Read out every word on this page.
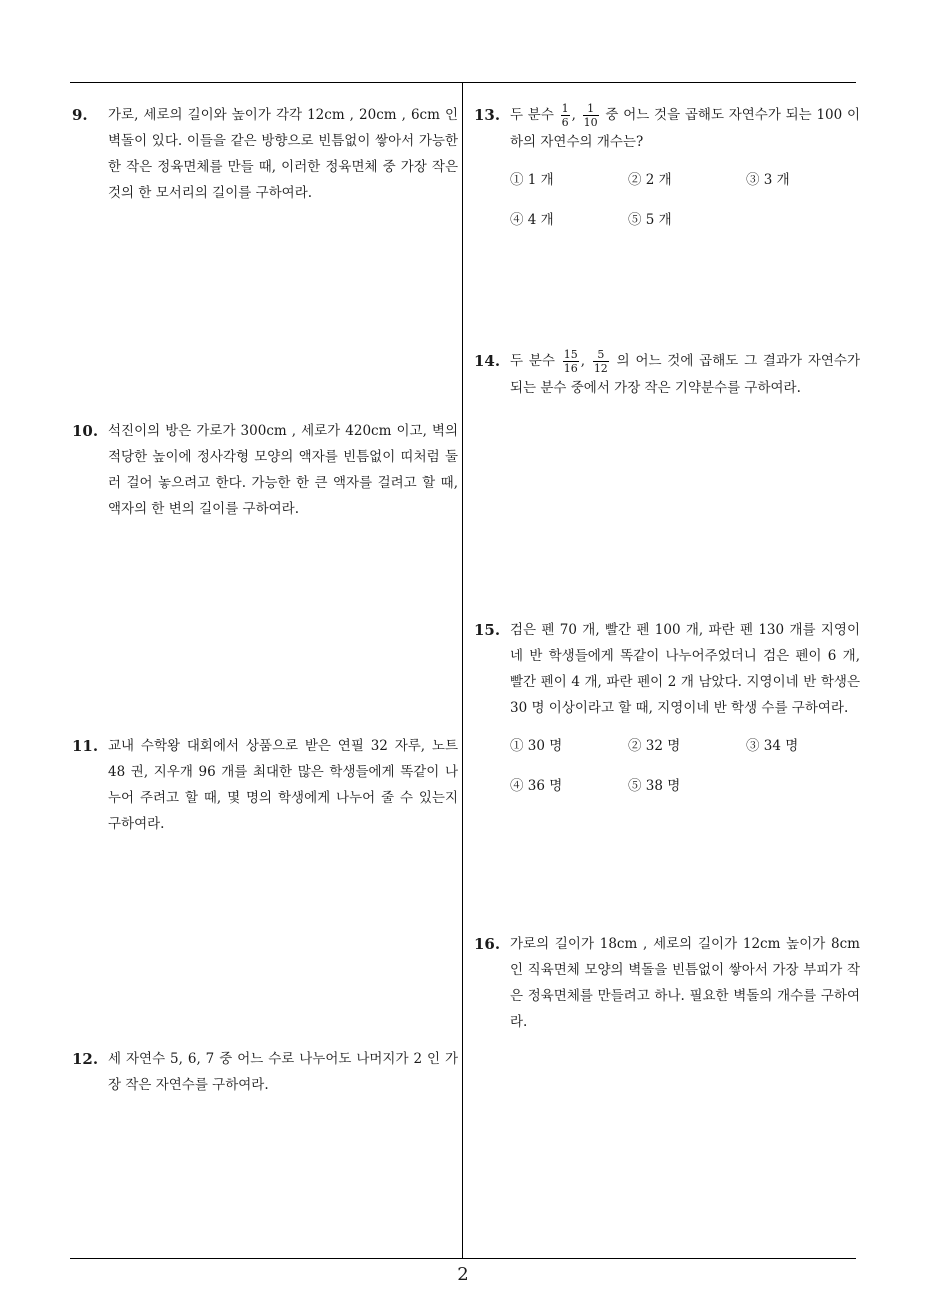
9. 가로, 세로의 길이와 높이가 각각 12cm , 20cm , 6cm 인 벽돌이 있다. 이들을 같은 방향으로 빈틈없이 쌓아서 가능한 한 작은 정육면체를 만들 때, 이러한 정육면체 중 가장 작은 것의 한 모서리의 길이를 구하여라.
10. 석진이의 방은 가로가 300cm , 세로가 420cm 이고, 벽의 적당한 높이에 정사각형 모양의 액자를 빈틈없이 띠처럼 둘러 걸어 놓으려고 한다. 가능한 한 큰 액자를 걸려고 할 때, 액자의 한 변의 길이를 구하여라.
11. 교내 수학왕 대회에서 상품으로 받은 연필 32 자루, 노트 48 권, 지우개 96 개를 최대한 많은 학생들에게 똑같이 나누어 주려고 할 때, 몇 명의 학생에게 나누어 줄 수 있는지 구하여라.
12. 세 자연수 5, 6, 7 중 어느 수로 나누어도 나머지가 2 인 가장 작은 자연수를 구하여라.
13. 두 분수 $\frac{1}{6}$ , $\frac{1}{10}$ 중 어느 것을 곱해도 자연수가 되는 100 이하의 자연수의 개수는?
① 1 개	② 2 개	③ 3 개
④ 4 개	⑤ 5 개
14. 두 분수 $\frac{15}{16}$ , $\frac{5}{12}$ 의 어느 것에 곱해도 그 결과가 자연수가 되는 분수 중에서 가장 작은 기약분수를 구하여라.
15. 검은 펜 70 개, 빨간 펜 100 개, 파란 펜 130 개를 지영이네 반 학생들에게 똑같이 나누어주었더니 검은 펜이 6 개, 빨간 펜이 4 개, 파란 펜이 2 개 남았다. 지영이네 반 학생은 30 명 이상이라고 할 때, 지영이네 반 학생 수를 구하여라.
① 30 명	② 32 명	③ 34 명
④ 36 명	⑤ 38 명
16. 가로의 길이가 18cm , 세로의 길이가 12cm 높이가 8cm 인 직육면체 모양의 벽돌을 빈틈없이 쌓아서 가장 부피가 작은 정육면체를 만들려고 하나. 필요한 벽돌의 개수를 구하여라.
2
